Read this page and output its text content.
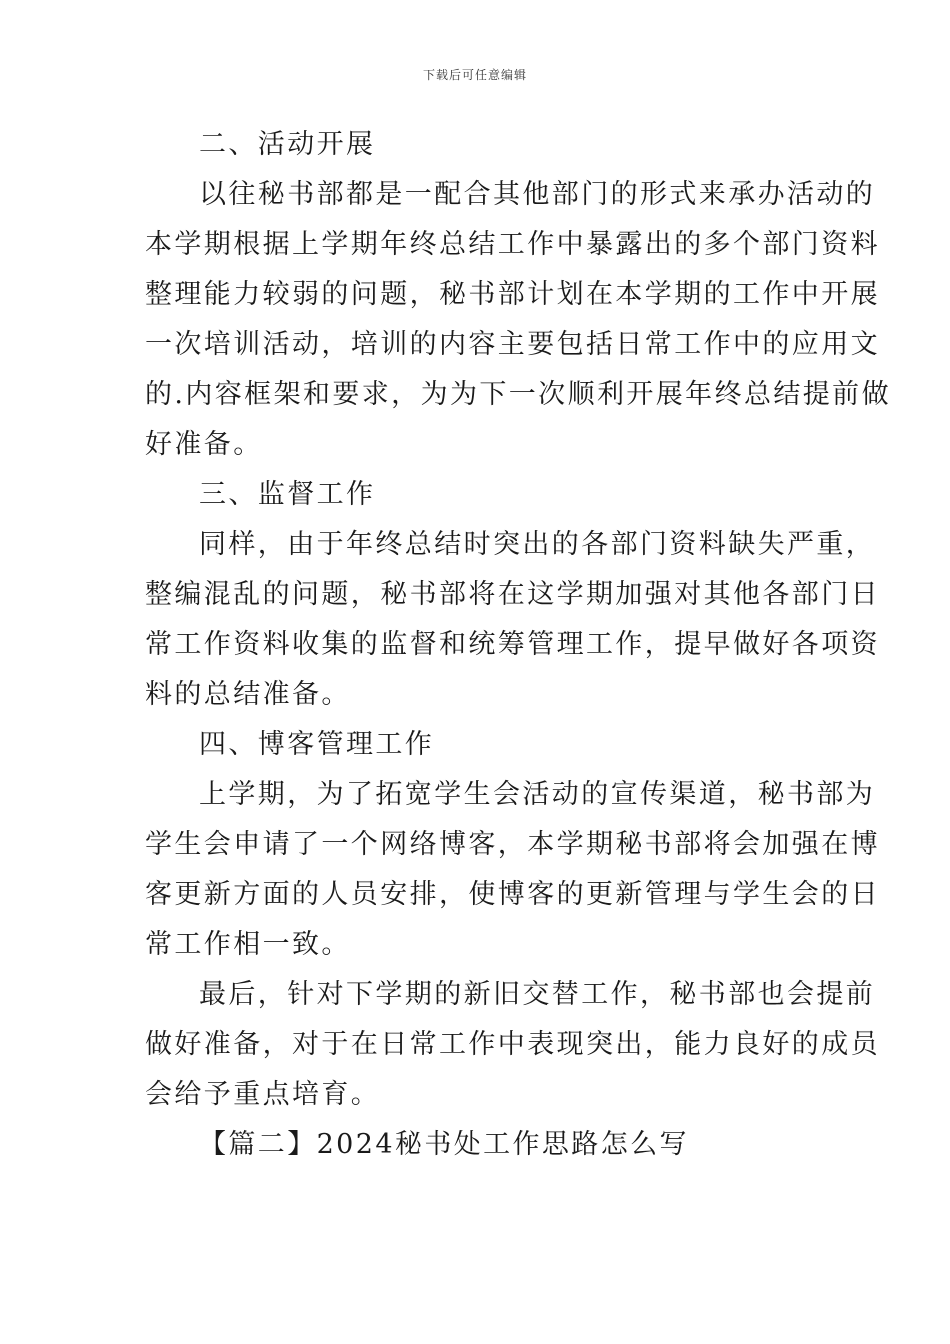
下载后可任意编辑
二、活动开展
以往秘书部都是一配合其他部门的形式来承办活动的
本学期根据上学期年终总结工作中暴露出的多个部门资料
整理能力较弱的问题，秘书部计划在本学期的工作中开展
一次培训活动，培训的内容主要包括日常工作中的应用文
的.内容框架和要求，为为下一次顺利开展年终总结提前做
好准备。
三、监督工作
同样，由于年终总结时突出的各部门资料缺失严重，
整编混乱的问题，秘书部将在这学期加强对其他各部门日
常工作资料收集的监督和统筹管理工作，提早做好各项资
料的总结准备。
四、博客管理工作
上学期，为了拓宽学生会活动的宣传渠道，秘书部为
学生会申请了一个网络博客，本学期秘书部将会加强在博
客更新方面的人员安排，使博客的更新管理与学生会的日
常工作相一致。
最后，针对下学期的新旧交替工作，秘书部也会提前
做好准备，对于在日常工作中表现突出，能力良好的成员
会给予重点培育。
【篇二】2024秘书处工作思路怎么写
